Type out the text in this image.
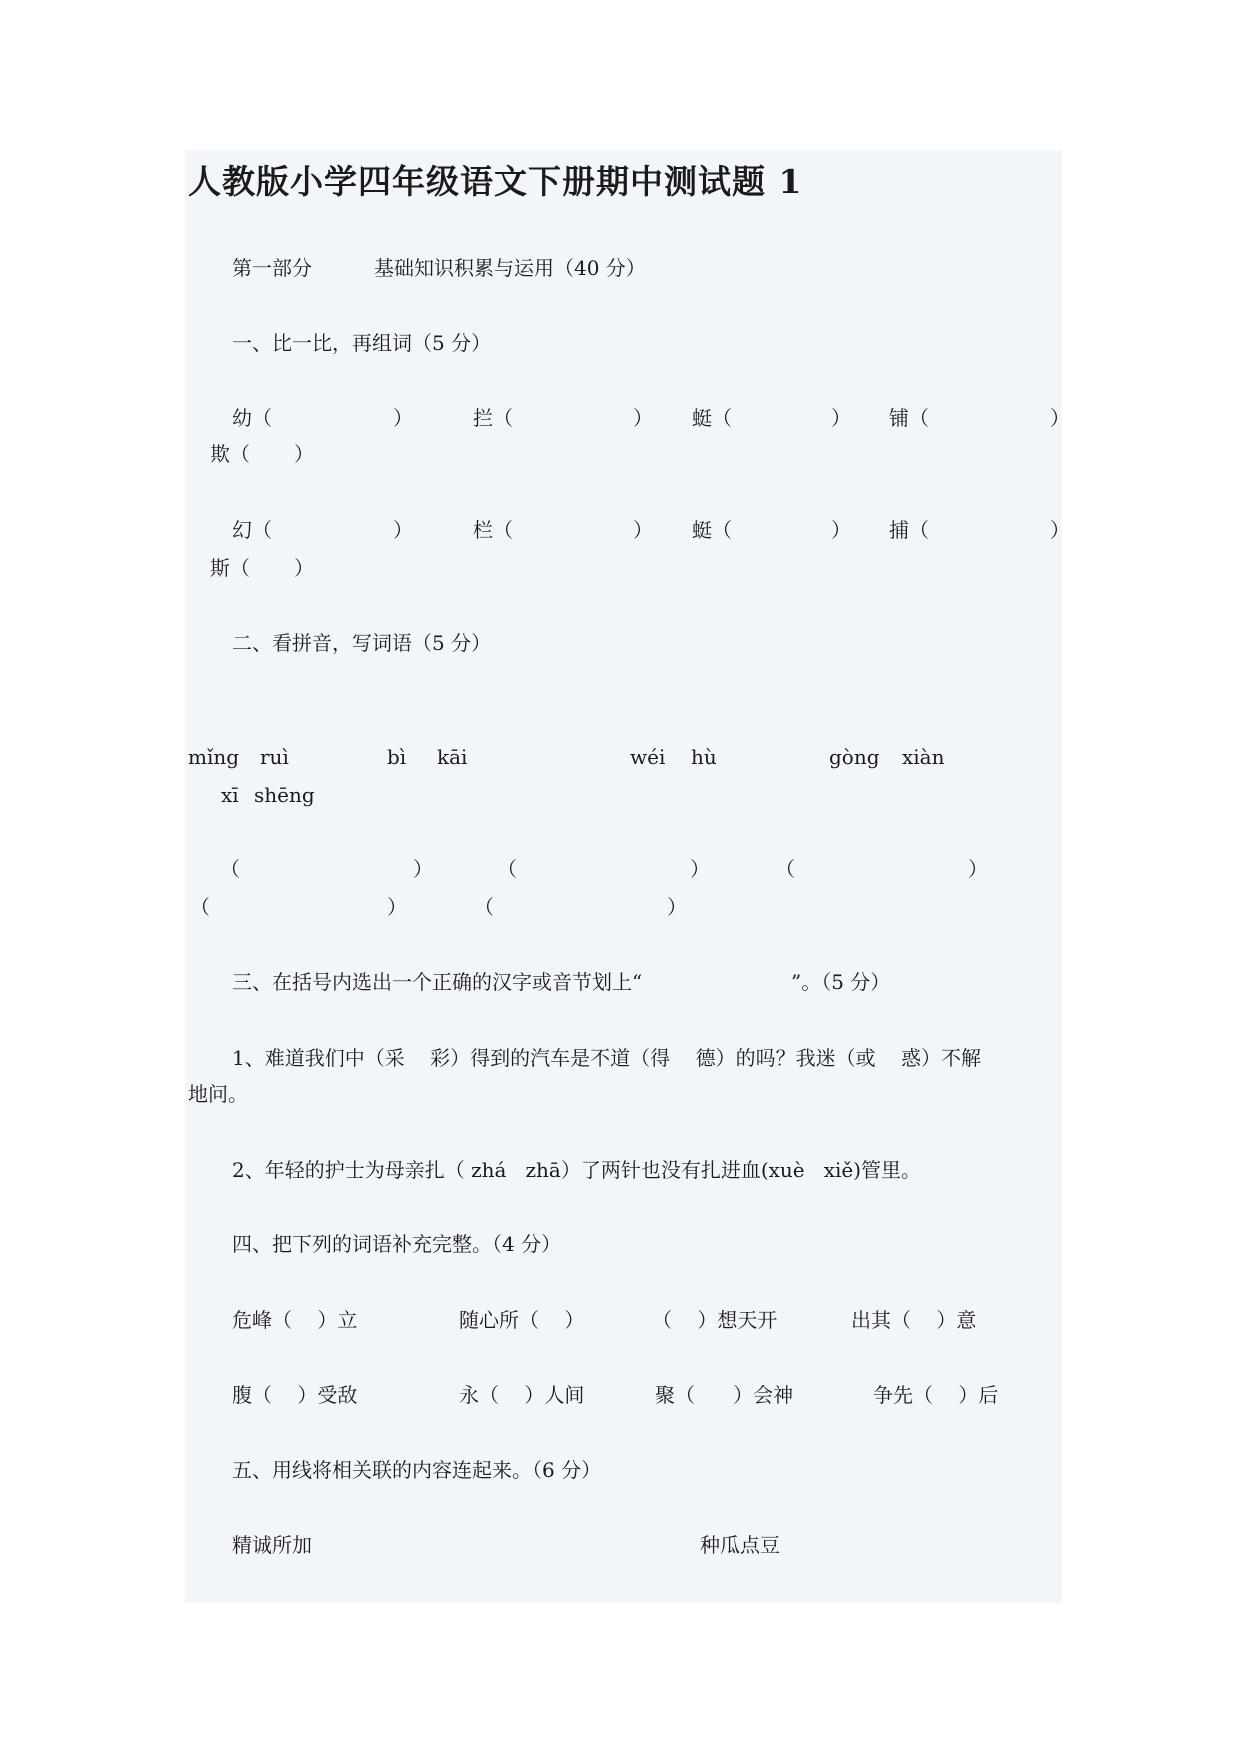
人教版小学四年级语文下册期中测试题 1
第一部分	基础知识积累与运用（40 分）
一、比一比，再组词（5 分）
幼（	）	拦（	） 蜓（	） 铺（	）
欺（ ）
幻（	）	栏（	） 蜓（	） 捕（	）
斯（ ）
二、看拼音，写词语（5 分）
mǐng ruì	bì kāi	wéi hù	gòng xiàn
xī shēng
（	）	（	）	（	）
（	）	（	）
三、在括号内选出一个正确的汉字或音节划上“	”。（5 分）
1、难道我们中（采    彩）得到的汽车是不道（得    德）的吗？我迷（或    惑）不解
地问。
2、年轻的护士为母亲扎（ zhá   zhā）了两针也没有扎进血(xuè   xiě)管里。
四、把下列的词语补充完整。（4 分）
危峰（    ）立	随心所（    ）	（    ）想天开	出其（    ）意
腹（    ）受敌	永（    ）人间	聚（      ）会神	争先（    ）后
五、用线将相关联的内容连起来。（6 分）
精诚所加	种瓜点豆
